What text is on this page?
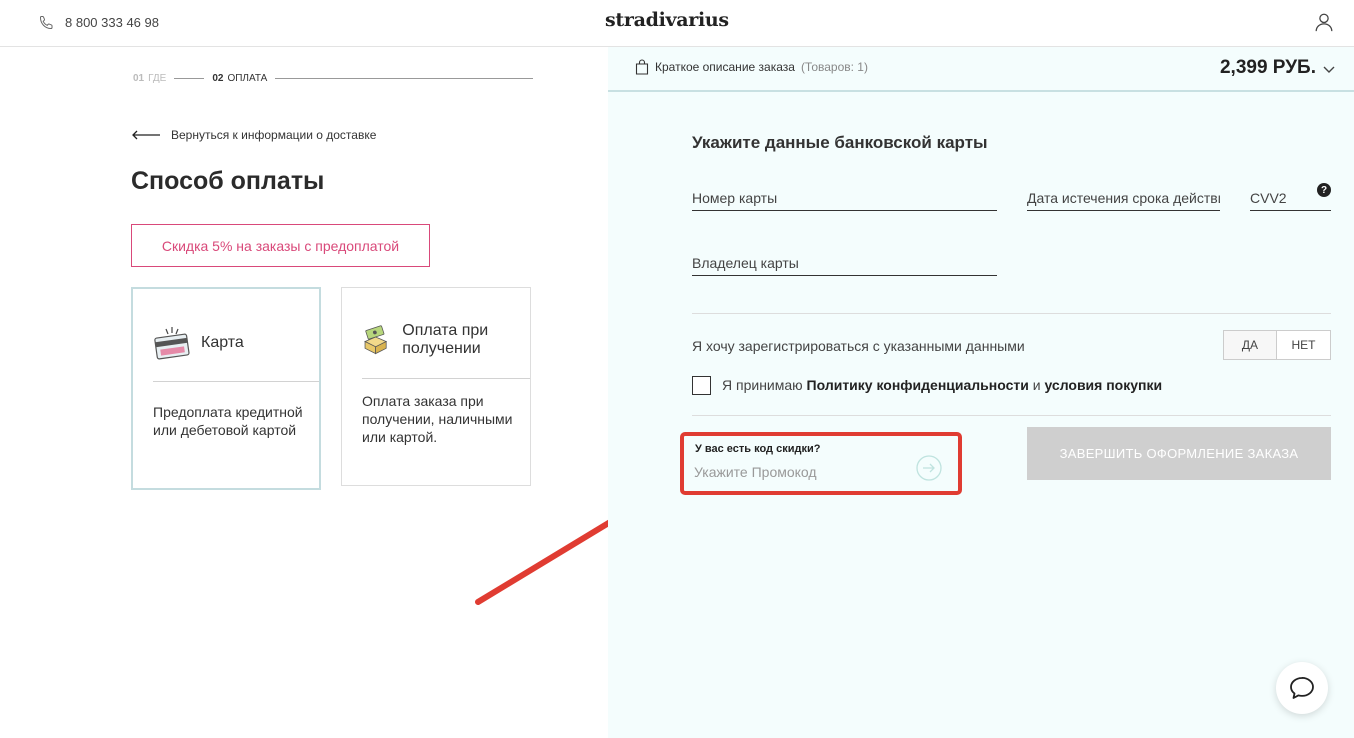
8 800 333 46 98	stradivarius
01 ГДЕ	02 ОПЛАТА
Вернуться к информации о доставке
Способ оплаты
Скидка 5% на заказы с предоплатой
Карта
Предоплата кредитной или дебетовой картой
Оплата при получении
Оплата заказа при получении, наличными или картой.
Краткое описание заказа (Товаров: 1)	2,399 РУБ.
Укажите данные банковской карты
Номер карты
Дата истечения срока действия
CVV2
?
Владелец карты
Я хочу зарегистрироваться с указанными данными	ДА	НЕТ
Я принимаю Политику конфиденциальности и условия покупки
У вас есть код скидки?
Укажите Промокод	ЗАВЕРШИТЬ ОФОРМЛЕНИЕ ЗАКАЗА
